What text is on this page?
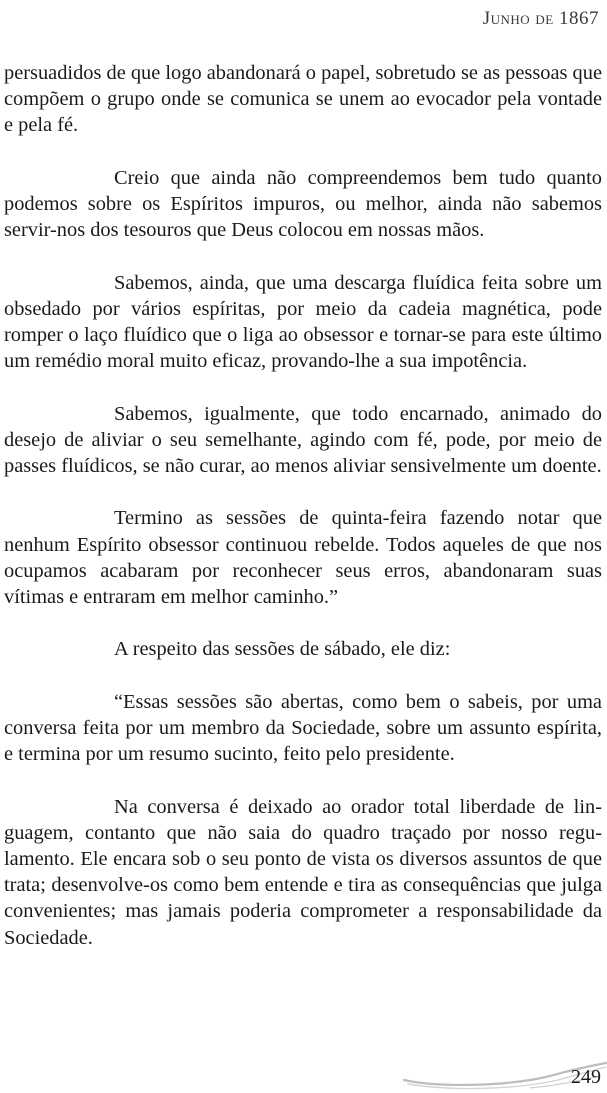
Junho de 1867

persuadidos de que logo abandonará o papel, sobretudo se as pessoas que compõem o grupo onde se comunica se unem ao evocador pela vontade e pela fé.

Creio que ainda não compreendemos bem tudo quanto podemos sobre os Espíritos impuros, ou melhor, ainda não sabemos servir-nos dos tesouros que Deus colocou em nossas mãos.

Sabemos, ainda, que uma descarga fluídica feita sobre um obsedado por vários espíritas, por meio da cadeia magnética, pode romper o laço fluídico que o liga ao obsessor e tornar-se para este último um remédio moral muito eficaz, provando-lhe a sua impotência.

Sabemos, igualmente, que todo encarnado, animado do desejo de aliviar o seu semelhante, agindo com fé, pode, por meio de passes fluídicos, se não curar, ao menos aliviar sensivelmente um doente.

Termino as sessões de quinta-feira fazendo notar que nenhum Espírito obsessor continuou rebelde. Todos aqueles de que nos ocupamos acabaram por reconhecer seus erros, abandonaram suas vítimas e entraram em melhor caminho.”

A respeito das sessões de sábado, ele diz:

“Essas sessões são abertas, como bem o sabeis, por uma conversa feita por um membro da Sociedade, sobre um assunto espírita, e termina por um resumo sucinto, feito pelo presidente.

Na conversa é deixado ao orador total liberdade de linguagem, contanto que não saia do quadro traçado por nosso regulamento. Ele encara sob o seu ponto de vista os diversos assuntos de que trata; desenvolve-os como bem entende e tira as consequências que julga convenientes; mas jamais poderia comprometer a responsabilidade da Sociedade.

249
